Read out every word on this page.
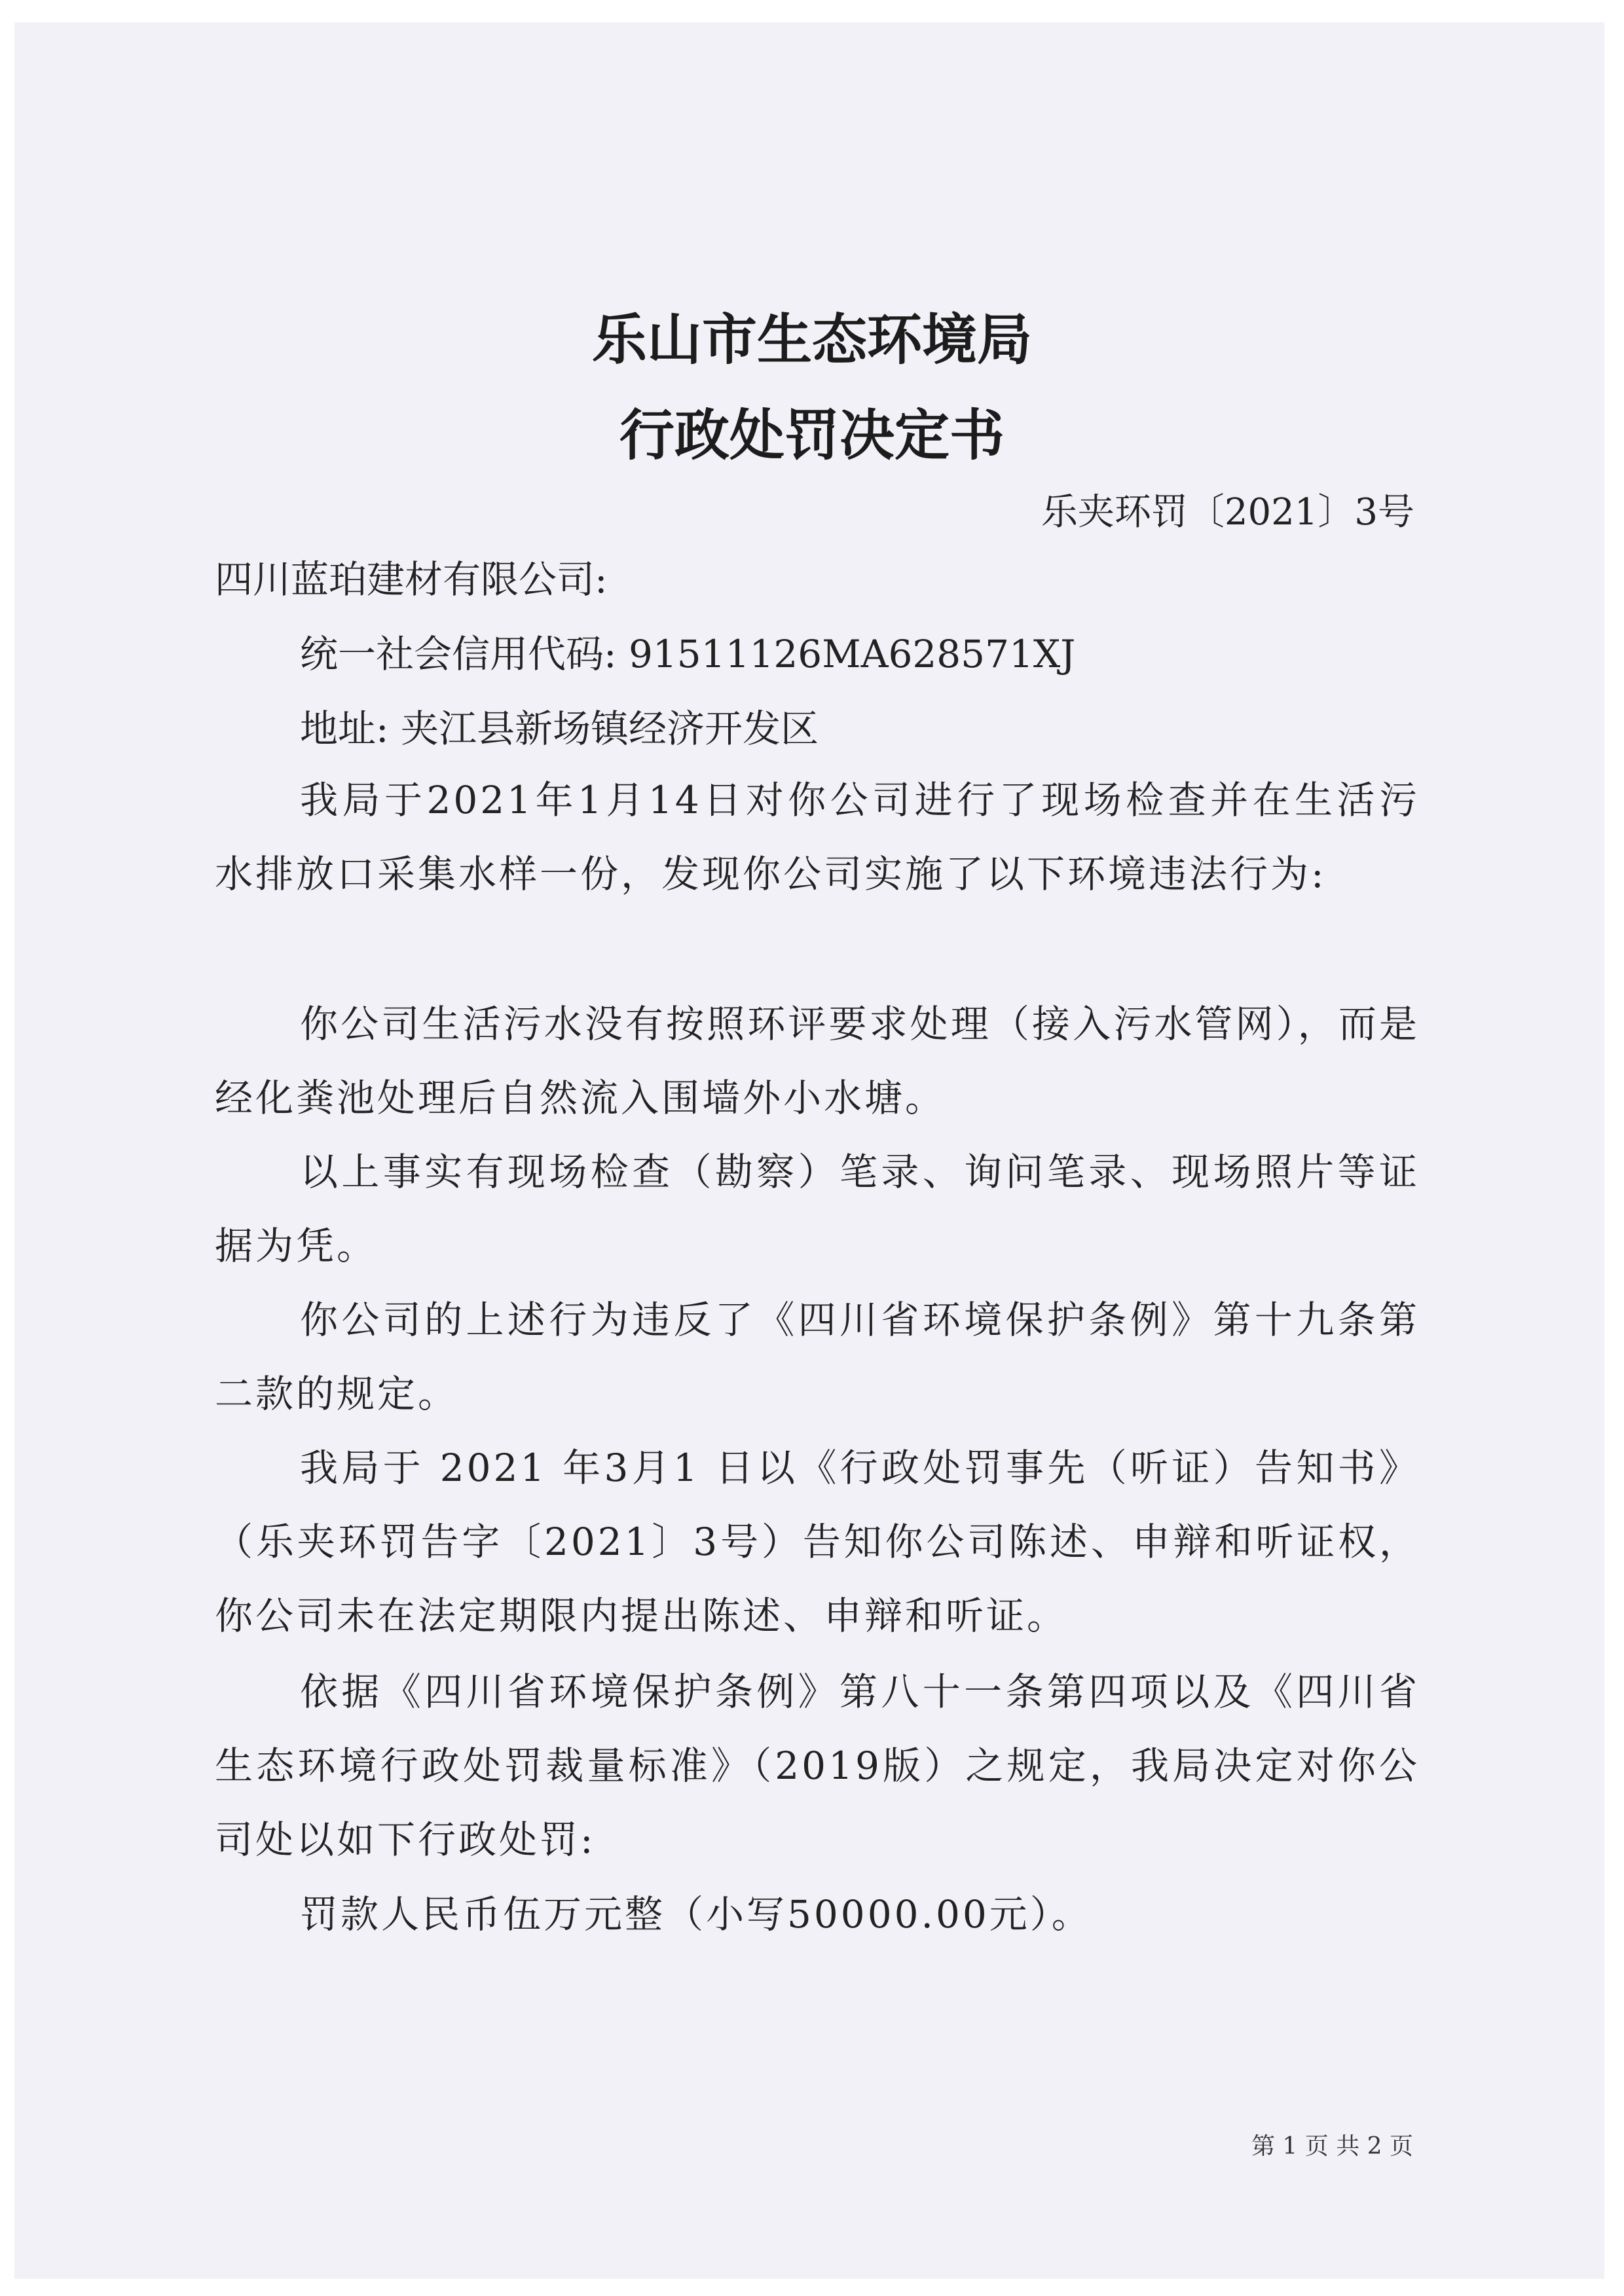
乐山市生态环境局
行政处罚决定书

乐夹环罚〔2021〕3号

四川蓝珀建材有限公司:

统一社会信用代码: 91511126MA628571XJ

地址: 夹江县新场镇经济开发区

我局于2021年1月14日对你公司进行了现场检查并在生活污水排放口采集水样一份，发现你公司实施了以下环境违法行为:

你公司生活污水没有按照环评要求处理（接入污水管网），而是经化粪池处理后自然流入围墙外小水塘。

以上事实有现场检查（勘察）笔录、询问笔录、现场照片等证据为凭。

你公司的上述行为违反了《四川省环境保护条例》第十九条第二款的规定。

我局于 2021 年3月1 日以《行政处罚事先（听证）告知书》（乐夹环罚告字〔2021〕3号）告知你公司陈述、申辩和听证权，你公司未在法定期限内提出陈述、申辩和听证。

依据《四川省环境保护条例》第八十一条第四项以及《四川省生态环境行政处罚裁量标准》（2019版）之规定，我局决定对你公司处以如下行政处罚:

罚款人民币伍万元整（小写50000.00元）。

第 1 页 共 2 页
